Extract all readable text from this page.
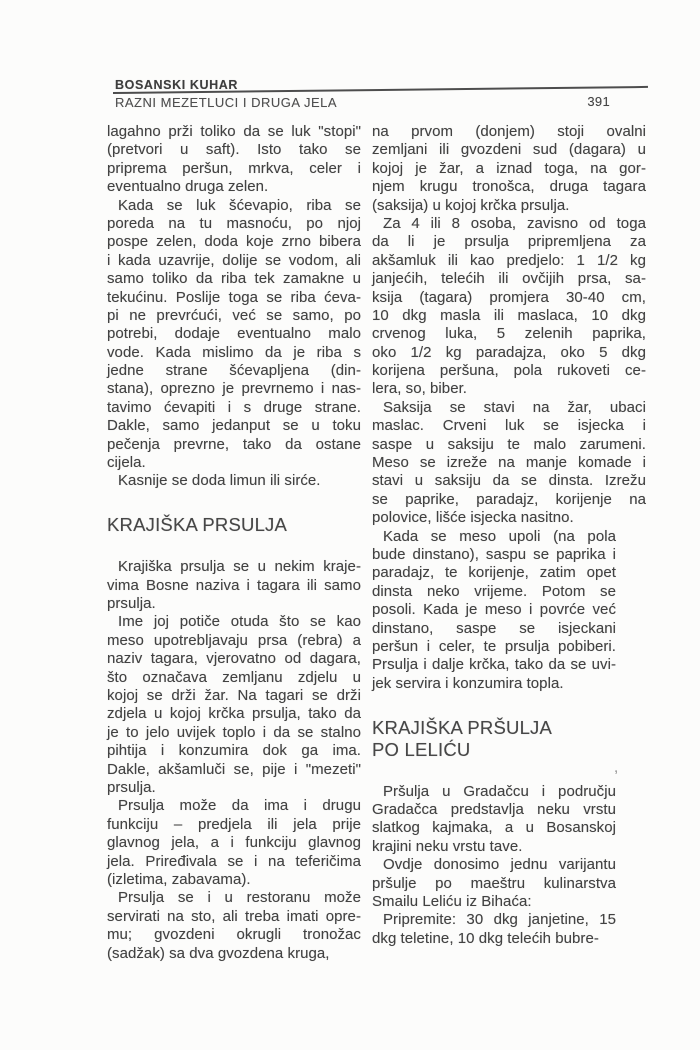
BOSANSKI KUHAR
RAZNI MEZETLUCI I DRUGA JELA	391
lagahno prži toliko da se luk "stopi"
(pretvori u saft). Isto tako se
priprema peršun, mrkva, celer i
eventualno druga zelen.
Kada se luk šćevapio, riba se
poreda na tu masnoću, po njoj
pospe zelen, doda koje zrno bibera
i kada uzavrije, dolije se vodom, ali
samo toliko da riba tek zamakne u
tekućinu. Poslije toga se riba ćeva-
pi ne prevrćući, već se samo, po
potrebi, dodaje eventualno malo
vode. Kada mislimo da je riba s
jedne strane šćevapljena (din-
stana), oprezno je prevrnemo i nas-
tavimo ćevapiti i s druge strane.
Dakle, samo jedanput se u toku
pečenja prevrne, tako da ostane
cijela.
Kasnije se doda limun ili sirće.
KRAJIŠKA PRSULJA
Krajiška prsulja se u nekim kraje-
vima Bosne naziva i tagara ili samo
prsulja.
Ime joj potiče otuda što se kao
meso upotrebljavaju prsa (rebra) a
naziv tagara, vjerovatno od dagara,
što označava zemljanu zdjelu u
kojoj se drži žar. Na tagari se drži
zdjela u kojoj krčka prsulja, tako da
je to jelo uvijek toplo i da se stalno
pihtija i konzumira dok ga ima.
Dakle, akšamluči se, pije i "mezeti"
prsulja.
Prsulja može da ima i drugu
funkciju – predjela ili jela prije
glavnog jela, a i funkciju glavnog
jela. Priređivala se i na teferičima
(izletima, zabavama).
Prsulja se i u restoranu može
servirati na sto, ali treba imati opre-
mu; gvozdeni okrugli tronožac
(sadžak) sa dva gvozdena kruga,
na prvom (donjem) stoji ovalni
zemljani ili gvozdeni sud (dagara) u
kojoj je žar, a iznad toga, na gor-
njem krugu tronošca, druga tagara
(saksija) u kojoj krčka prsulja.
Za 4 ili 8 osoba, zavisno od toga
da li je prsulja pripremljena za
akšamluk ili kao predjelo: 1 1/2 kg
janjećih, telećih ili ovčijih prsa, sa-
ksija (tagara) promjera 30-40 cm,
10 dkg masla ili maslaca, 10 dkg
crvenog luka, 5 zelenih paprika,
oko 1/2 kg paradajza, oko 5 dkg
korijena peršuna, pola rukoveti ce-
lera, so, biber.
Saksija se stavi na žar, ubaci
maslac. Crveni luk se isjecka i
saspe u saksiju te malo zarumeni.
Meso se izreže na manje komade i
stavi u saksiju da se dinsta. Izrežu
se paprike, paradajz, korijenje na
polovice, lišće isjecka nasitno.
Kada se meso upoli (na pola
bude dinstano), saspu se paprika i
paradajz, te korijenje, zatim opet
dinsta neko vrijeme. Potom se
posoli. Kada je meso i povrće već
dinstano, saspe se isjeckani
peršun i celer, te prsulja pobiberi.
Prsulja i dalje krčka, tako da se uvi-
jek servira i konzumira topla.
KRAJIŠKA PRŠULJA
PO LELIĆU
Pršulja u Gradačcu i području
Gradačca predstavlja neku vrstu
slatkog kajmaka, a u Bosanskoj
krajini neku vrstu tave.
Ovdje donosimo jednu varijantu
pršulje po maeštru kulinarstva
Smailu Leliću iz Bihaća:
Pripremite: 30 dkg janjetine, 15
dkg teletine, 10 dkg telećih bubre-
,
